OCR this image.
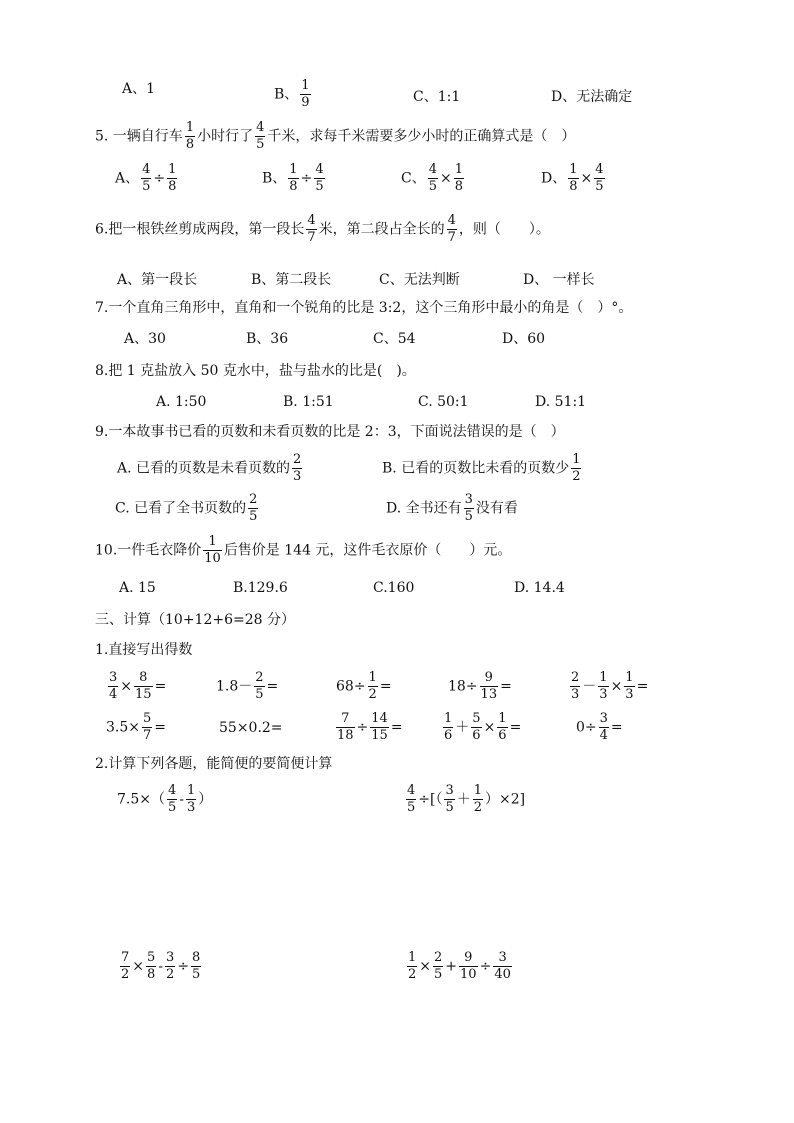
A、1	B、 $\frac{1}{9}$	C、1:1	D、无法确定
5. 一辆自行车 $\frac{1}{8}$ 小时行了 $\frac{4}{5}$ 千米，求每千米需要多少小时的正确算式是（　）
A、 $\frac{4}{5} \div \frac{1}{8}$	B、 $\frac{1}{8} \div \frac{4}{5}$	C、 $\frac{4}{5} \times \frac{1}{8}$	D、 $\frac{1}{8} \times \frac{4}{5}$
6.把一根铁丝剪成两段，第一段长 $\frac{4}{7}$ 米，第二段占全长的 $\frac{4}{7}$ ，则（　　）。
A、第一段长	B、第二段长	C、无法判断	D、 一样长
7.一个直角三角形中，直角和一个锐角的比是 3:2，这个三角形中最小的角是（　）°。
A、30	B、36	C、54	D、60
8.把 1 克盐放入 50 克水中，盐与盐水的比是(　)。
A. 1:50	B. 1:51	C. 50:1	D. 51:1
9.一本故事书已看的页数和未看页数的比是 2：3，下面说法错误的是（　）
A. 已看的页数是未看页数的 $\frac{2}{3}$	B. 已看的页数比未看的页数少 $\frac{1}{2}$
C. 已看了全书页数的 $\frac{2}{5}$	D. 全书还有 $\frac{3}{5}$ 没有看
10.一件毛衣降价 $\frac{1}{10}$ 后售价是 144 元，这件毛衣原价（　　）元。
A. 15	B.129.6	C.160	D. 14.4
三、计算（10+12+6=28 分）
1.直接写出得数
$\frac{3}{4} \times \frac{8}{15}$ =	$1.8- \frac{2}{5}$ =	$68\div \frac{1}{2}$ =	$18\div \frac{9}{13}$ =	$\frac{2}{3} - \frac{1}{3} \times \frac{1}{3}$ =
$3.5\times \frac{5}{7}$ =	55×0.2=	$\frac{7}{18} \div \frac{14}{15}$ =	$\frac{1}{6} + \frac{5}{6} \times \frac{1}{6}$ =	$0\div \frac{3}{4}$ =
2.计算下列各题，能简便的要简便计算
$7.5\times( \frac{4}{5} - \frac{1}{3}$ ）	$\frac{4}{5}$ ÷[（ $\frac{3}{5} + \frac{1}{2} )\times 2$]
$\frac{7}{2} \times \frac{5}{8} - \frac{3}{2} \div \frac{8}{5}$	$\frac{1}{2} \times \frac{2}{5} + \frac{9}{10} \div \frac{3}{40}$
